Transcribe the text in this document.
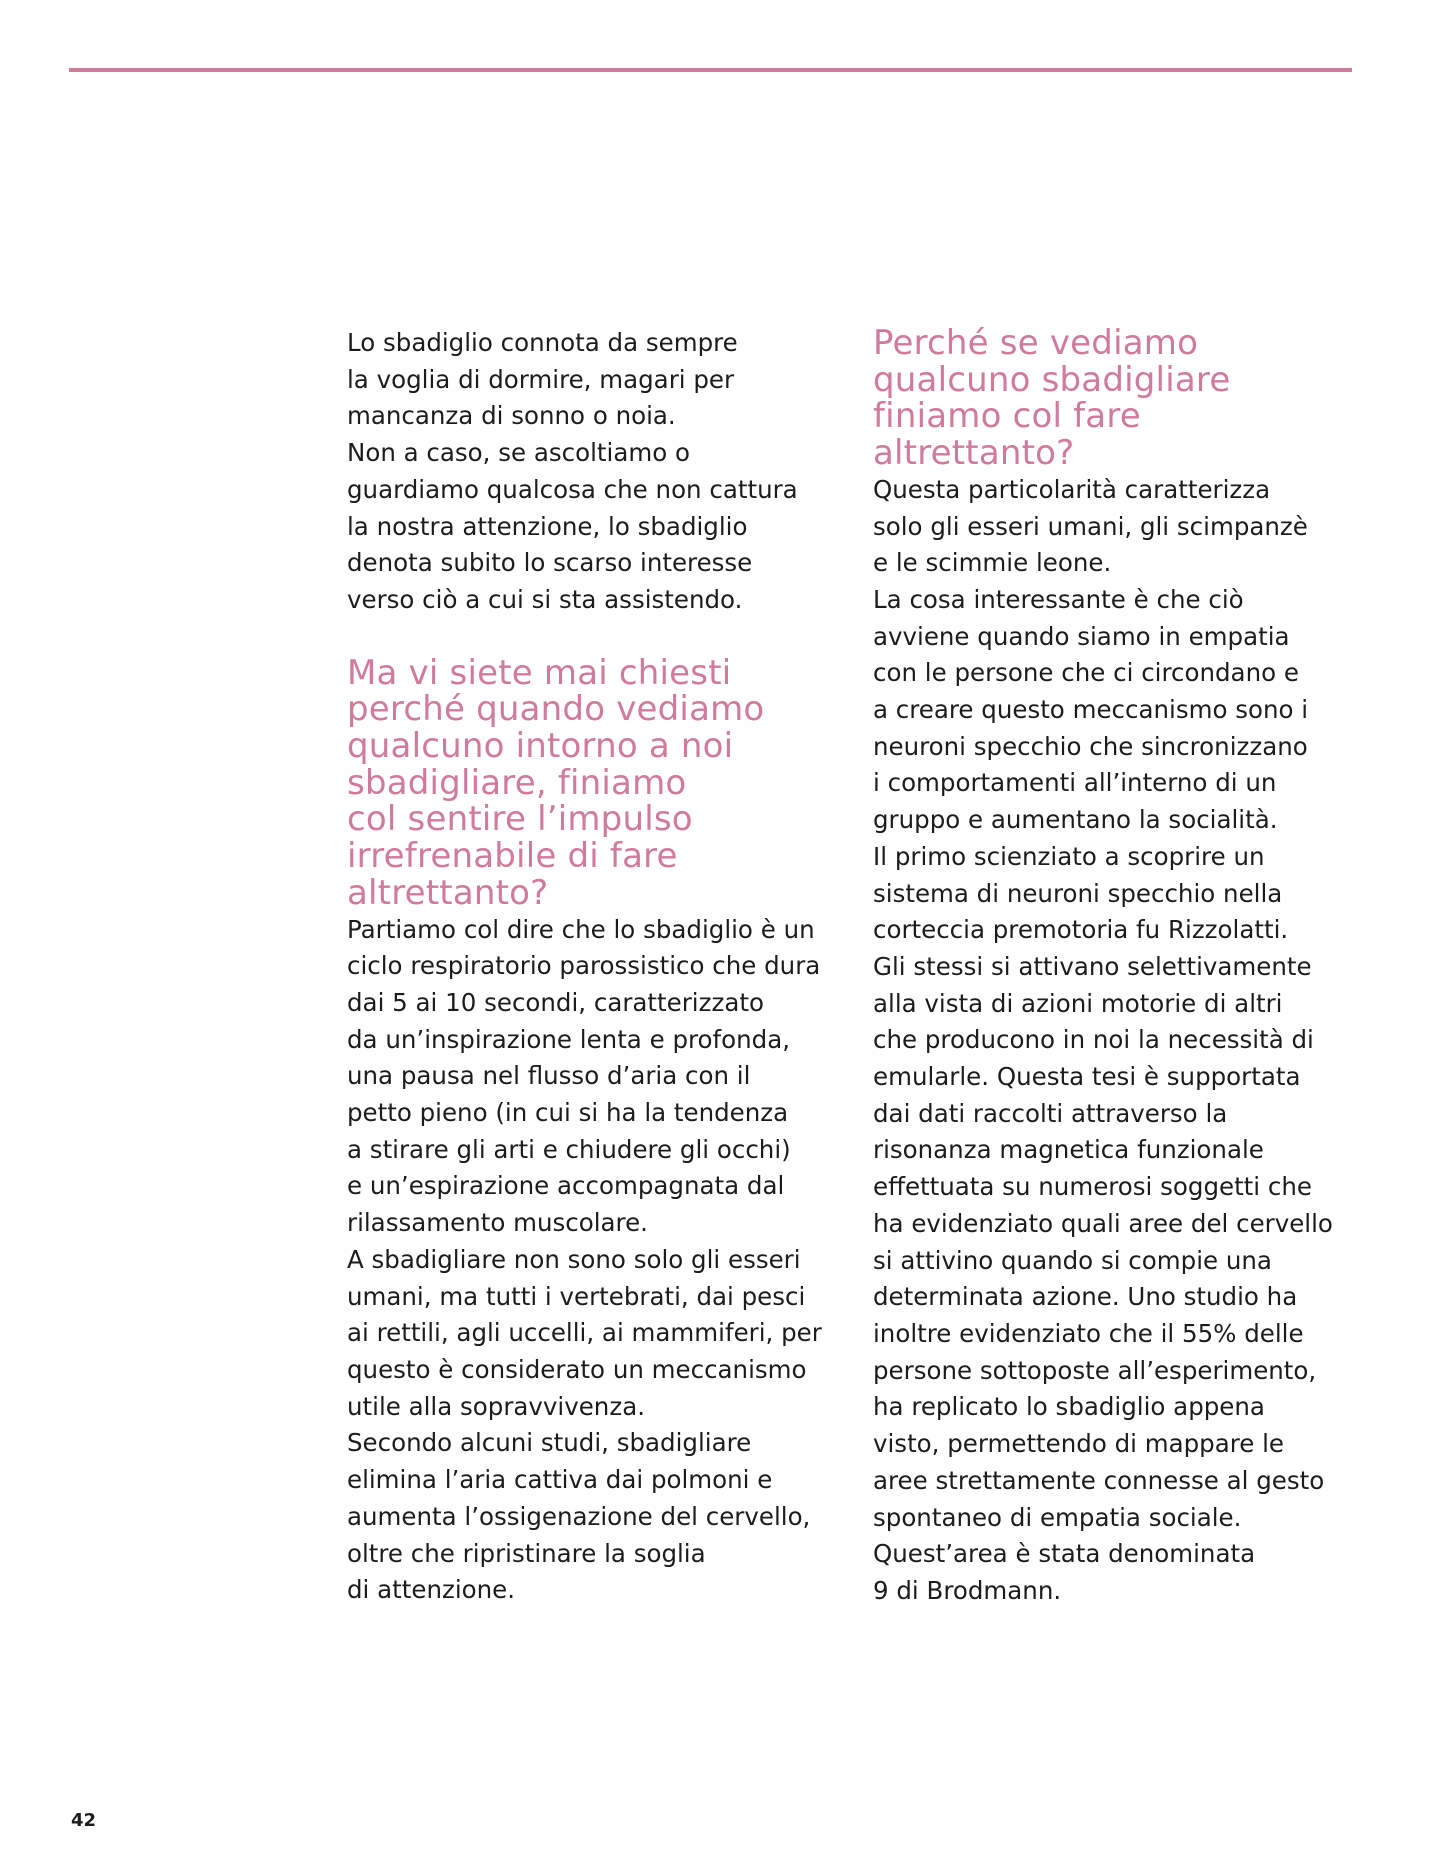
Lo sbadiglio connota da sempre
la voglia di dormire, magari per
mancanza di sonno o noia.
Non a caso, se ascoltiamo o
guardiamo qualcosa che non cattura
la nostra attenzione, lo sbadiglio
denota subito lo scarso interesse
verso ciò a cui si sta assistendo.

Ma vi siete mai chiesti
perché quando vediamo
qualcuno intorno a noi
sbadigliare, finiamo
col sentire l’impulso
irrefrenabile di fare
altrettanto?

Partiamo col dire che lo sbadiglio è un
ciclo respiratorio parossistico che dura
dai 5 ai 10 secondi, caratterizzato
da un’inspirazione lenta e profonda,
una pausa nel flusso d’aria con il
petto pieno (in cui si ha la tendenza
a stirare gli arti e chiudere gli occhi)
e un’espirazione accompagnata dal
rilassamento muscolare.
A sbadigliare non sono solo gli esseri
umani, ma tutti i vertebrati, dai pesci
ai rettili, agli uccelli, ai mammiferi, per
questo è considerato un meccanismo
utile alla sopravvivenza.
Secondo alcuni studi, sbadigliare
elimina l’aria cattiva dai polmoni e
aumenta l’ossigenazione del cervello,
oltre che ripristinare la soglia
di attenzione.

Perché se vediamo
qualcuno sbadigliare
finiamo col fare
altrettanto?

Questa particolarità caratterizza
solo gli esseri umani, gli scimpanzè
e le scimmie leone.
La cosa interessante è che ciò
avviene quando siamo in empatia
con le persone che ci circondano e
a creare questo meccanismo sono i
neuroni specchio che sincronizzano
i comportamenti all’interno di un
gruppo e aumentano la socialità.
Il primo scienziato a scoprire un
sistema di neuroni specchio nella
corteccia premotoria fu Rizzolatti.
Gli stessi si attivano selettivamente
alla vista di azioni motorie di altri
che producono in noi la necessità di
emularle. Questa tesi è supportata
dai dati raccolti attraverso la
risonanza magnetica funzionale
effettuata su numerosi soggetti che
ha evidenziato quali aree del cervello
si attivino quando si compie una
determinata azione. Uno studio ha
inoltre evidenziato che il 55% delle
persone sottoposte all’esperimento,
ha replicato lo sbadiglio appena
visto, permettendo di mappare le
aree strettamente connesse al gesto
spontaneo di empatia sociale.
Quest’area è stata denominata
9 di Brodmann.

42
